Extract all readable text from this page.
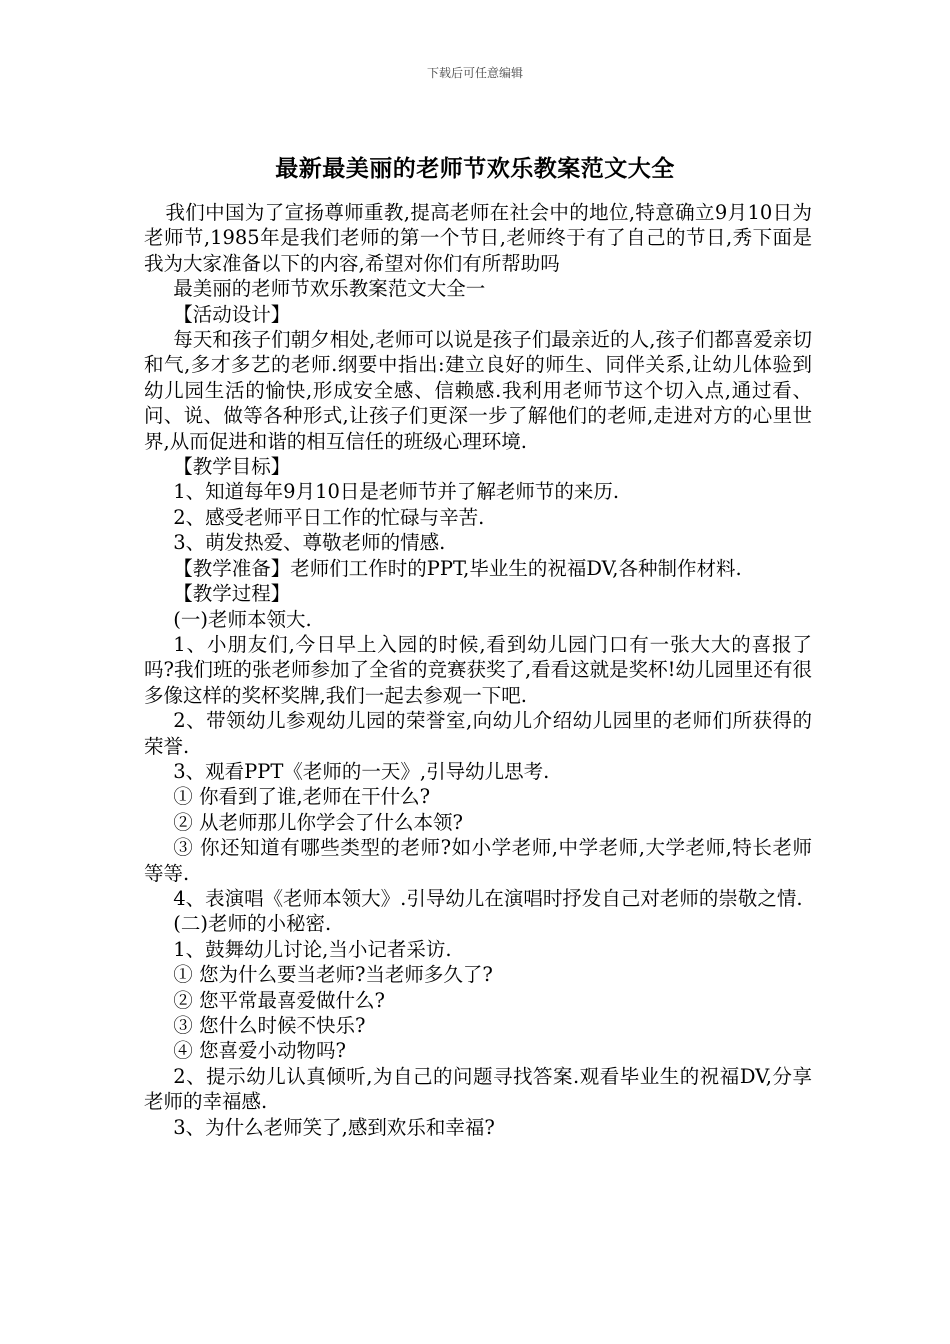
下载后可任意编辑
最新最美丽的老师节欢乐教案范文大全

我们中国为了宣扬尊师重教,提高老师在社会中的地位,特意确立9月10日为老师节,1985年是我们老师的第一个节日,老师终于有了自己的节日,秀下面是我为大家准备以下的内容,希望对你们有所帮助吗

最美丽的老师节欢乐教案范文大全一

【活动设计】

每天和孩子们朝夕相处,老师可以说是孩子们最亲近的人,孩子们都喜爱亲切和气,多才多艺的老师.纲要中指出:建立良好的师生、同伴关系,让幼儿体验到幼儿园生活的愉快,形成安全感、信赖感.我利用老师节这个切入点,通过看、问、说、做等各种形式,让孩子们更深一步了解他们的老师,走进对方的心里世界,从而促进和谐的相互信任的班级心理环境.

【教学目标】

1、知道每年9月10日是老师节并了解老师节的来历.

2、感受老师平日工作的忙碌与辛苦.

3、萌发热爱、尊敬老师的情感.

【教学准备】老师们工作时的PPT,毕业生的祝福DV,各种制作材料.

【教学过程】

(一)老师本领大.

1、小朋友们,今日早上入园的时候,看到幼儿园门口有一张大大的喜报了吗?我们班的张老师参加了全省的竞赛获奖了,看看这就是奖杯!幼儿园里还有很多像这样的奖杯奖牌,我们一起去参观一下吧.

2、带领幼儿参观幼儿园的荣誉室,向幼儿介绍幼儿园里的老师们所获得的荣誉.

3、观看PPT《老师的一天》,引导幼儿思考.

① 你看到了谁,老师在干什么?

② 从老师那儿你学会了什么本领?

③ 你还知道有哪些类型的老师?如小学老师,中学老师,大学老师,特长老师等等.

4、表演唱《老师本领大》.引导幼儿在演唱时抒发自己对老师的崇敬之情.

(二)老师的小秘密.

1、鼓舞幼儿讨论,当小记者采访.

① 您为什么要当老师?当老师多久了?

② 您平常最喜爱做什么?

③ 您什么时候不快乐?

④ 您喜爱小动物吗?

2、提示幼儿认真倾听,为自己的问题寻找答案.观看毕业生的祝福DV,分享老师的幸福感.

3、为什么老师笑了,感到欢乐和幸福?
